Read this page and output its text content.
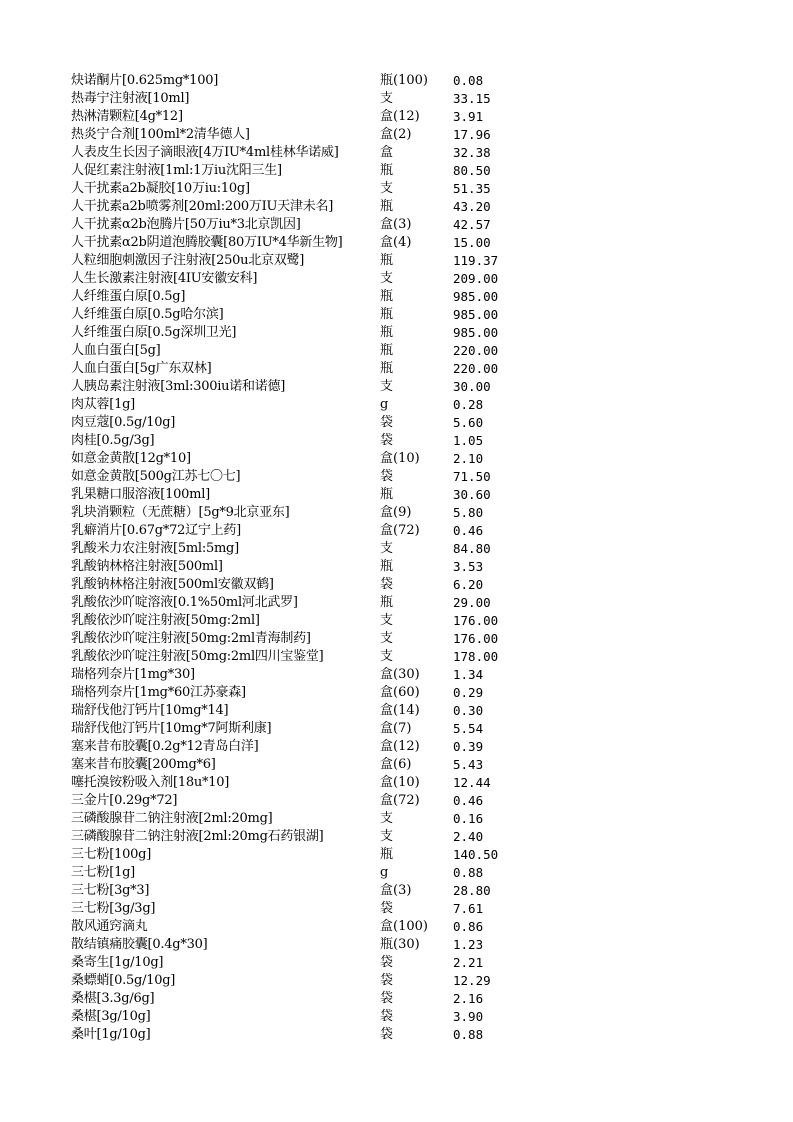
炔诺酮片[0.625mg*100]	瓶(100)	0.08
热毒宁注射液[10ml]	支	33.15
热淋清颗粒[4g*12]	盒(12)	3.91
热炎宁合剂[100ml*2清华德人]	盒(2)	17.96
人表皮生长因子滴眼液[4万IU*4ml桂林华诺威]	盒	32.38
人促红素注射液[1ml:1万iu沈阳三生]	瓶	80.50
人干扰素a2b凝胶[10万iu:10g]	支	51.35
人干扰素a2b喷雾剂[20ml:200万IU天津未名]	瓶	43.20
人干扰素α2b泡腾片[50万iu*3北京凯因]	盒(3)	42.57
人干扰素α2b阴道泡腾胶囊[80万IU*4华新生物]	盒(4)	15.00
人粒细胞刺激因子注射液[250u北京双鹭]	瓶	119.37
人生长激素注射液[4IU安徽安科]	支	209.00
人纤维蛋白原[0.5g]	瓶	985.00
人纤维蛋白原[0.5g哈尔滨]	瓶	985.00
人纤维蛋白原[0.5g深圳卫光]	瓶	985.00
人血白蛋白[5g]	瓶	220.00
人血白蛋白[5g广东双林]	瓶	220.00
人胰岛素注射液[3ml:300iu诺和诺德]	支	30.00
肉苁蓉[1g]	g	0.28
肉豆蔻[0.5g/10g]	袋	5.60
肉桂[0.5g/3g]	袋	1.05
如意金黄散[12g*10]	盒(10)	2.10
如意金黄散[500g江苏七〇七]	袋	71.50
乳果糖口服溶液[100ml]	瓶	30.60
乳块消颗粒（无蔗糖）[5g*9北京亚东]	盒(9)	5.80
乳癖消片[0.67g*72辽宁上药]	盒(72)	0.46
乳酸米力农注射液[5ml:5mg]	支	84.80
乳酸钠林格注射液[500ml]	瓶	3.53
乳酸钠林格注射液[500ml安徽双鹤]	袋	6.20
乳酸依沙吖啶溶液[0.1%50ml河北武罗]	瓶	29.00
乳酸依沙吖啶注射液[50mg:2ml]	支	176.00
乳酸依沙吖啶注射液[50mg:2ml青海制药]	支	176.00
乳酸依沙吖啶注射液[50mg:2ml四川宝鉴堂]	支	178.00
瑞格列奈片[1mg*30]	盒(30)	1.34
瑞格列奈片[1mg*60江苏豪森]	盒(60)	0.29
瑞舒伐他汀钙片[10mg*14]	盒(14)	0.30
瑞舒伐他汀钙片[10mg*7阿斯利康]	盒(7)	5.54
塞来昔布胶囊[0.2g*12青岛白洋]	盒(12)	0.39
塞来昔布胶囊[200mg*6]	盒(6)	5.43
噻托溴铵粉吸入剂[18u*10]	盒(10)	12.44
三金片[0.29g*72]	盒(72)	0.46
三磷酸腺苷二钠注射液[2ml:20mg]	支	0.16
三磷酸腺苷二钠注射液[2ml:20mg石药银湖]	支	2.40
三七粉[100g]	瓶	140.50
三七粉[1g]	g	0.88
三七粉[3g*3]	盒(3)	28.80
三七粉[3g/3g]	袋	7.61
散风通窍滴丸	盒(100)	0.86
散结镇痛胶囊[0.4g*30]	瓶(30)	1.23
桑寄生[1g/10g]	袋	2.21
桑螵蛸[0.5g/10g]	袋	12.29
桑椹[3.3g/6g]	袋	2.16
桑椹[3g/10g]	袋	3.90
桑叶[1g/10g]	袋	0.88
